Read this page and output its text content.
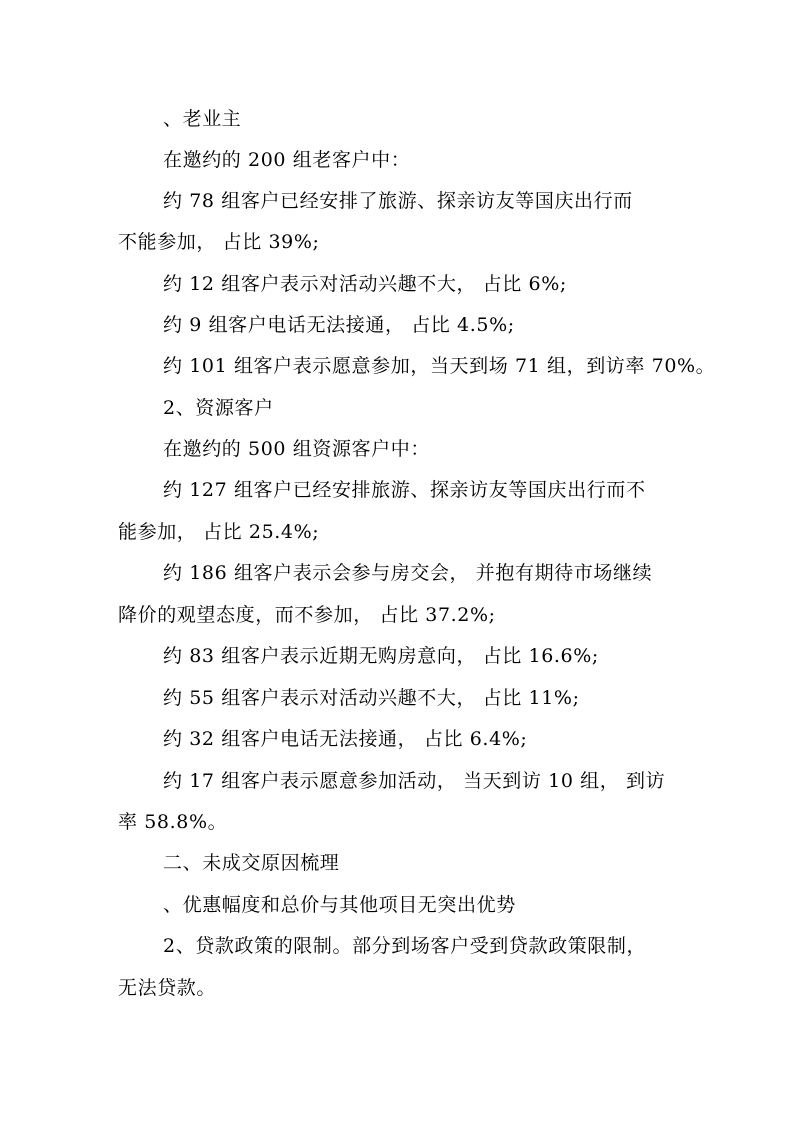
、老业主
在邀约的 200 组老客户中：
约 78 组客户已经安排了旅游、探亲访友等国庆出行而
不能参加， 占比 39%;
约 12 组客户表示对活动兴趣不大， 占比 6%;
约 9 组客户电话无法接通， 占比 4.5%;
约 101 组客户表示愿意参加，当天到场 71 组，到访率 70%。
2、资源客户
在邀约的 500 组资源客户中：
约 127 组客户已经安排旅游、探亲访友等国庆出行而不
能参加， 占比 25.4%;
约 186 组客户表示会参与房交会， 并抱有期待市场继续
降价的观望态度，而不参加， 占比 37.2%;
约 83 组客户表示近期无购房意向， 占比 16.6%;
约 55 组客户表示对活动兴趣不大， 占比 11%;
约 32 组客户电话无法接通， 占比 6.4%;
约 17 组客户表示愿意参加活动， 当天到访 10 组， 到访
率 58.8%。
二、未成交原因梳理
、优惠幅度和总价与其他项目无突出优势
2、贷款政策的限制。部分到场客户受到贷款政策限制，
无法贷款。
